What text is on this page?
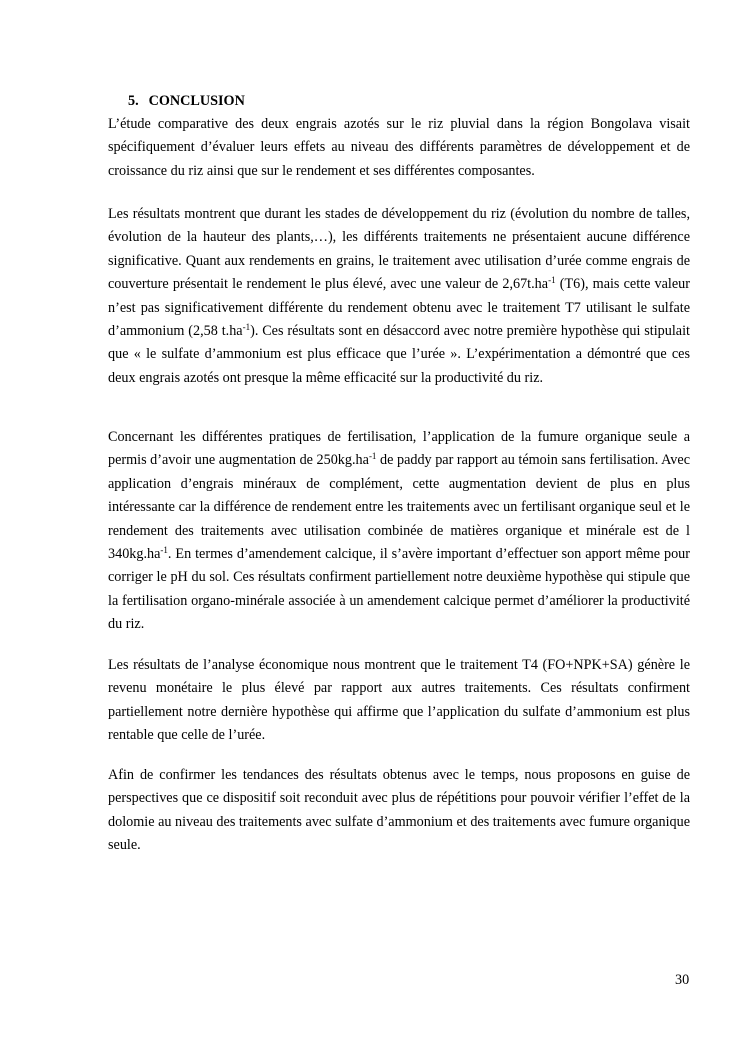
5. CONCLUSION

L’étude comparative des deux engrais azotés sur le riz pluvial dans la région Bongolava visait spécifiquement d’évaluer leurs effets au niveau des différents paramètres de développement et de croissance du riz ainsi que sur le rendement et ses différentes composantes.

Les résultats montrent que durant les stades de développement du riz (évolution du nombre de talles, évolution de la hauteur des plants,…), les différents traitements ne présentaient aucune différence significative. Quant aux rendements en grains, le traitement avec utilisation d’urée comme engrais de couverture présentait le rendement le plus élevé, avec une valeur de $2,67t.ha^{-1}$ (T6), mais cette valeur n’est pas significativement différente du rendement obtenu avec le traitement T7 utilisant le sulfate d’ammonium (2,58 $t.ha^{-1}$). Ces résultats sont en désaccord avec notre première hypothèse qui stipulait que « le sulfate d’ammonium est plus efficace que l’urée ». L’expérimentation a démontré que ces deux engrais azotés ont presque la même efficacité sur la productivité du riz.

Concernant les différentes pratiques de fertilisation, l’application de la fumure organique seule a permis d’avoir une augmentation de $250kg.ha^{-1}$ de paddy par rapport au témoin sans fertilisation. Avec application d’engrais minéraux de complément, cette augmentation devient de plus en plus intéressante car la différence de rendement entre les traitements avec un fertilisant organique seul et le rendement des traitements avec utilisation combinée de matières organique et minérale est de l $340kg.ha^{-1}$. En termes d’amendement calcique, il s’avère important d’effectuer son apport même pour corriger le pH du sol. Ces résultats confirment partiellement notre deuxième hypothèse qui stipule que la fertilisation organo-minérale associée à un amendement calcique permet d’améliorer la productivité du riz.

Les résultats de l’analyse économique nous montrent que le traitement T4 (FO+NPK+SA) génère le revenu monétaire le plus élevé par rapport aux autres traitements. Ces résultats confirment partiellement notre dernière hypothèse qui affirme que l’application du sulfate d’ammonium est plus rentable que celle de l’urée.

Afin de confirmer les tendances des résultats obtenus avec le temps, nous proposons en guise de perspectives que ce dispositif soit reconduit avec plus de répétitions pour pouvoir vérifier l’effet de la dolomie au niveau des traitements avec sulfate d’ammonium et des traitements avec fumure organique seule.

30
